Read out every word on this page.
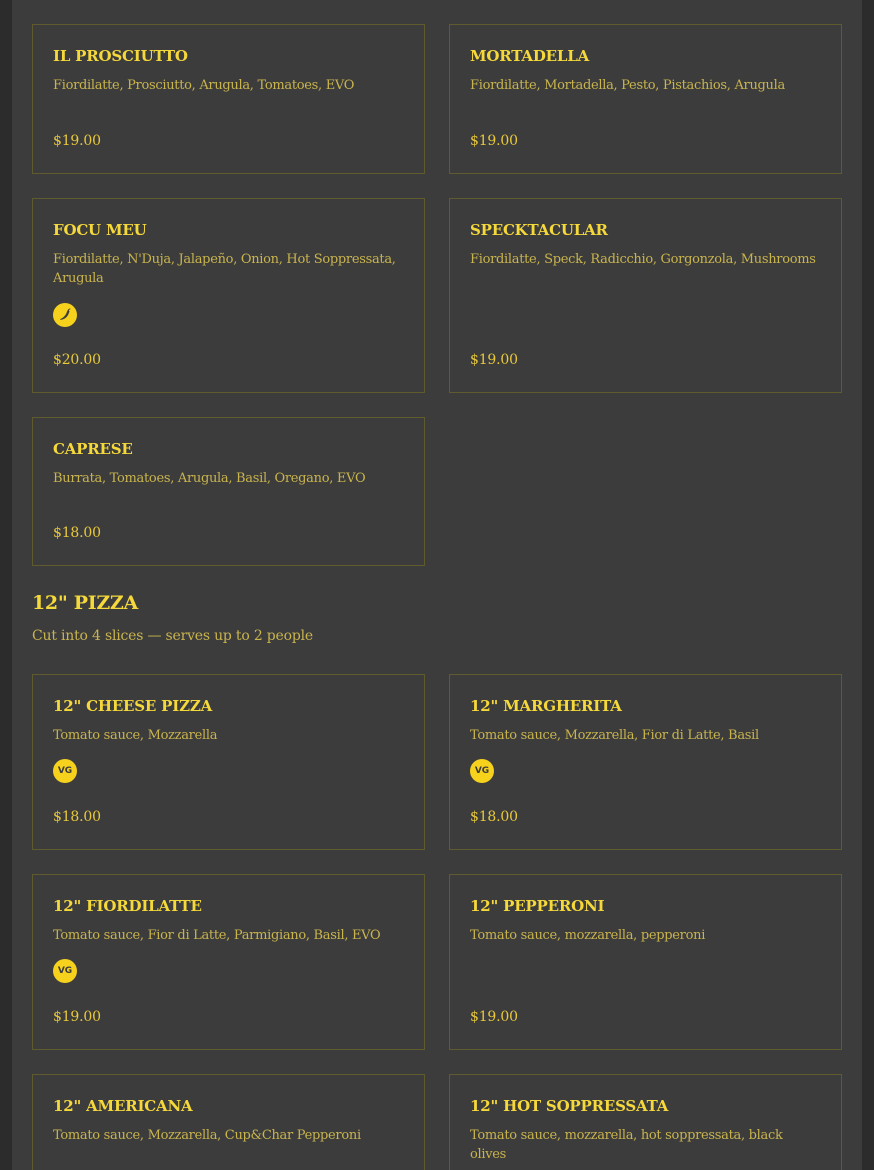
IL PROSCIUTTO
Fiordilatte, Prosciutto, Arugula, Tomatoes, EVO
$19.00
MORTADELLA
Fiordilatte, Mortadella, Pesto, Pistachios, Arugula
$19.00
FOCU MEU
Fiordilatte, N'Duja, Jalapeño, Onion, Hot Soppressata, Arugula
$20.00
SPECKTACULAR
Fiordilatte, Speck, Radicchio, Gorgonzola, Mushrooms
$19.00
CAPRESE
Burrata, Tomatoes, Arugula, Basil, Oregano, EVO
$18.00
12" PIZZA
Cut into 4 slices — serves up to 2 people
12" CHEESE PIZZA
Tomato sauce, Mozzarella
VG
$18.00
12" MARGHERITA
Tomato sauce, Mozzarella, Fior di Latte, Basil
VG
$18.00
12" FIORDILATTE
Tomato sauce, Fior di Latte, Parmigiano, Basil, EVO
VG
$19.00
12" PEPPERONI
Tomato sauce, mozzarella, pepperoni
$19.00
12" AMERICANA
Tomato sauce, Mozzarella, Cup&Char Pepperoni
12" HOT SOPPRESSATA
Tomato sauce, mozzarella, hot soppressata, black olives
